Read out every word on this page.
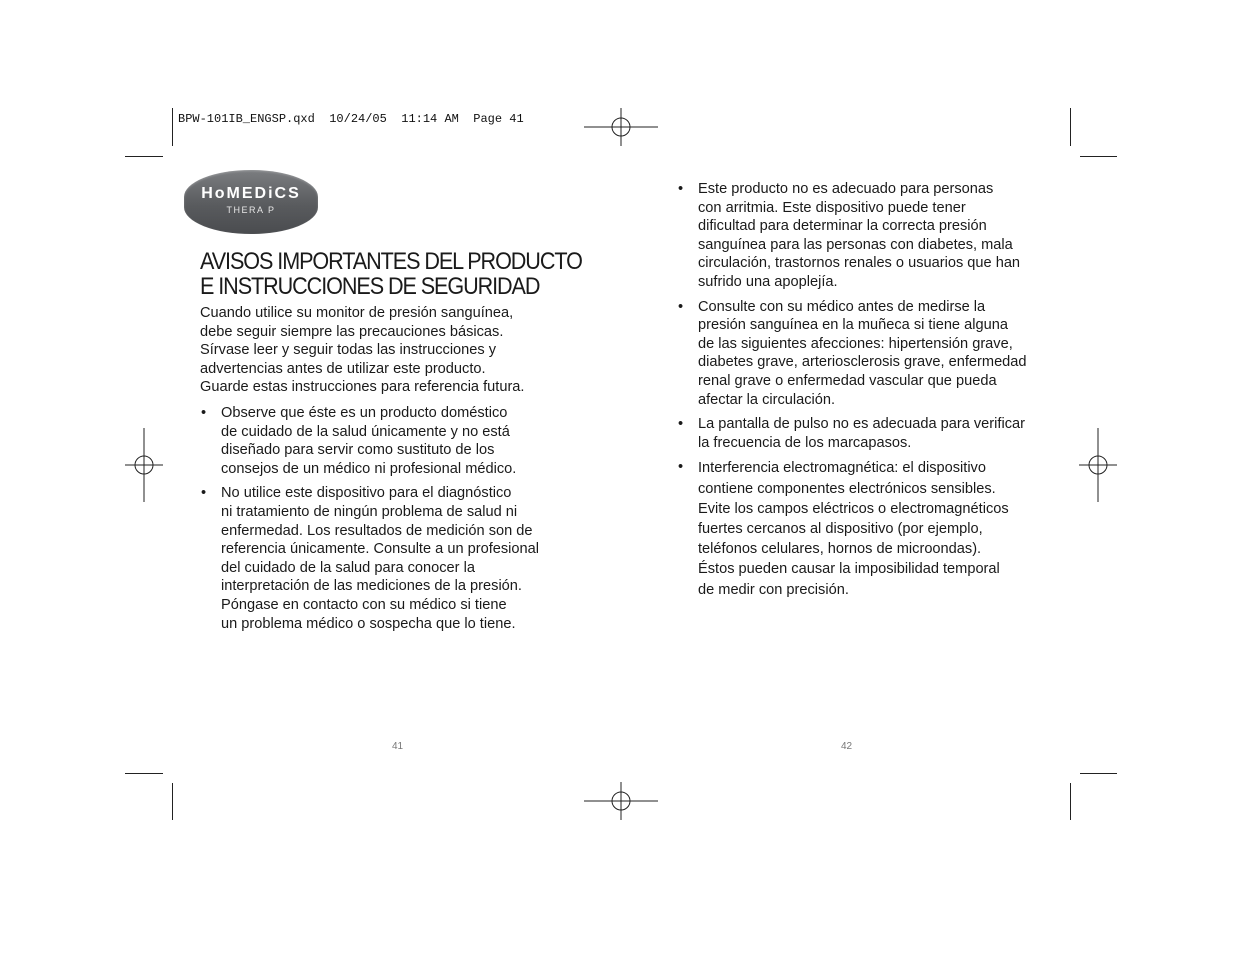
BPW-101IB_ENGSP.qxd  10/24/05  11:14 AM  Page 41
HoMEDiCS
THERA P
AVISOS IMPORTANTES DEL PRODUCTO
E INSTRUCCIONES DE SEGURIDAD
Cuando utilice su monitor de presión sanguínea,
debe seguir siempre las precauciones básicas.
Sírvase leer y seguir todas las instrucciones y
advertencias antes de utilizar este producto.
Guarde estas instrucciones para referencia futura.
• Observe que éste es un producto doméstico
de cuidado de la salud únicamente y no está
diseñado para servir como sustituto de los
consejos de un médico ni profesional médico.
• No utilice este dispositivo para el diagnóstico
ni tratamiento de ningún problema de salud ni
enfermedad. Los resultados de medición son de
referencia únicamente. Consulte a un profesional
del cuidado de la salud para conocer la
interpretación de las mediciones de la presión.
Póngase en contacto con su médico si tiene
un problema médico o sospecha que lo tiene.
• Este producto no es adecuado para personas
con arritmia. Este dispositivo puede tener
dificultad para determinar la correcta presión
sanguínea para las personas con diabetes, mala
circulación, trastornos renales o usuarios que han
sufrido una apoplejía.
• Consulte con su médico antes de medirse la
presión sanguínea en la muñeca si tiene alguna
de las siguientes afecciones: hipertensión grave,
diabetes grave, arteriosclerosis grave, enfermedad
renal grave o enfermedad vascular que pueda
afectar la circulación.
• La pantalla de pulso no es adecuada para verificar
la frecuencia de los marcapasos.
• Interferencia electromagnética: el dispositivo
contiene componentes electrónicos sensibles.
Evite los campos eléctricos o electromagnéticos
fuertes cercanos al dispositivo (por ejemplo,
teléfonos celulares, hornos de microondas).
Éstos pueden causar la imposibilidad temporal
de medir con precisión.
41	42
